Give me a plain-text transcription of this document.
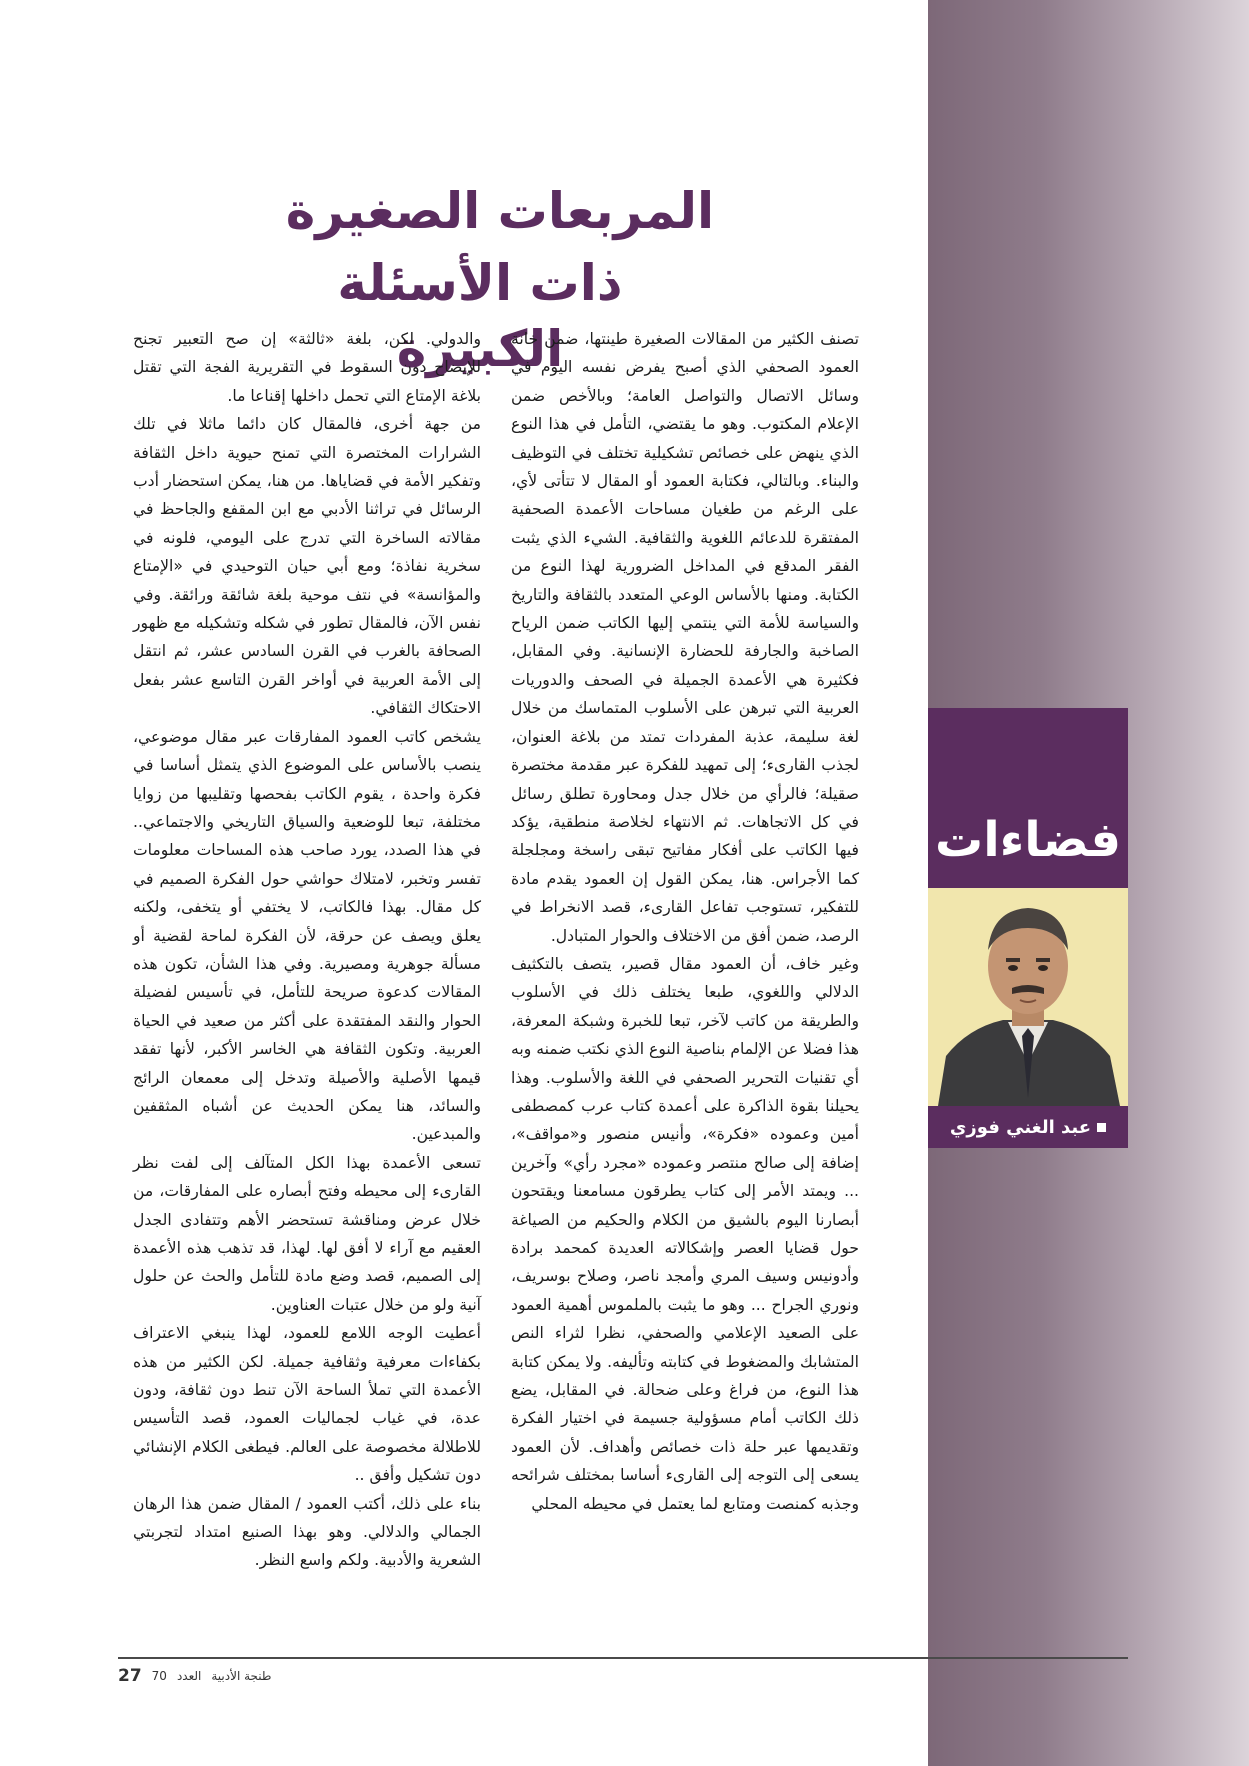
فضاءات
عبد الغني فوزي
المربعات الصغيرة
ذات الأسئلة الكبيرة

تصنف الكثير من المقالات الصغيرة طينتها، ضمن خانة العمود الصحفي الذي أصبح يفرض نفسه اليوم في وسائل الاتصال والتواصل العامة؛ وبالأخص ضمن الإعلام المكتوب. وهو ما يقتضي، التأمل في هذا النوع الذي ينهض على خصائص تشكيلية تختلف في التوظيف والبناء. وبالتالي، فكتابة العمود أو المقال لا تتأتى لأي، على الرغم من طغيان مساحات الأعمدة الصحفية المفتقرة للدعائم اللغوية والثقافية. الشيء الذي يثبت الفقر المدقع في المداخل الضرورية لهذا النوع من الكتابة. ومنها بالأساس الوعي المتعدد بالثقافة والتاريخ والسياسة للأمة التي ينتمي إليها الكاتب ضمن الرياح الصاخبة والجارفة للحضارة الإنسانية. وفي المقابل، فكثيرة هي الأعمدة الجميلة في الصحف والدوريات العربية التي تبرهن على الأسلوب المتماسك من خلال لغة سليمة، عذبة المفردات تمتد من بلاغة العنوان، لجذب القارىء؛ إلى تمهيد للفكرة عبر مقدمة مختصرة صقيلة؛ فالرأي من خلال جدل ومحاورة تطلق رسائل في كل الاتجاهات. ثم الانتهاء لخلاصة منطقية، يؤكد فيها الكاتب على أفكار مفاتيح تبقى راسخة ومجلجلة كما الأجراس. هنا، يمكن القول إن العمود يقدم مادة للتفكير، تستوجب تفاعل القارىء، قصد الانخراط في الرصد، ضمن أفق من الاختلاف والحوار المتبادل.

وغير خاف، أن العمود مقال قصير، يتصف بالتكثيف الدلالي واللغوي، طبعا يختلف ذلك في الأسلوب والطريقة من كاتب لآخر، تبعا للخبرة وشبكة المعرفة، هذا فضلا عن الإلمام بناصية النوع الذي نكتب ضمنه وبه أي تقنيات التحرير الصحفي في اللغة والأسلوب. وهذا يحيلنا بقوة الذاكرة على أعمدة كتاب عرب كمصطفى أمين وعموده «فكرة»، وأنيس منصور و«مواقف»، إضافة إلى صالح منتصر وعموده «مجرد رأي» وآخرين ... ويمتد الأمر إلى كتاب يطرقون مسامعنا ويقتحون أبصارنا اليوم بالشيق من الكلام والحكيم من الصياغة حول قضايا العصر وإشكالاته العديدة كمحمد برادة وأدونيس وسيف المري وأمجد ناصر، وصلاح بوسريف، ونوري الجراح ... وهو ما يثبت بالملموس أهمية العمود على الصعيد الإعلامي والصحفي، نظرا لثراء النص المتشابك والمضغوط في كتابته وتأليفه. ولا يمكن كتابة هذا النوع، من فراغ وعلى ضحالة. في المقابل، يضع ذلك الكاتب أمام مسؤولية جسيمة في اختيار الفكرة وتقديمها عبر حلة ذات خصائص وأهداف. لأن العمود يسعى إلى التوجه إلى القارىء أساسا بمختلف شرائحه وجذبه كمنصت ومتابع لما يعتمل في محيطه المحلي

والدولي. لكن، بلغة «ثالثة» إن صح التعبير تجنح للإيضاح دون السقوط في التقريرية الفجة التي تقتل بلاغة الإمتاع التي تحمل داخلها إقناعا ما.

من جهة أخرى، فالمقال كان دائما ماثلا في تلك الشرارات المختصرة التي تمنح حيوية داخل الثقافة وتفكير الأمة في قضاياها. من هنا، يمكن استحضار أدب الرسائل في تراثنا الأدبي مع ابن المقفع والجاحظ في مقالاته الساخرة التي تدرج على اليومي، فلونه في سخرية نفاذة؛ ومع أبي حيان التوحيدي في «الإمتاع والمؤانسة» في نتف موحية بلغة شائقة ورائقة. وفي نفس الآن، فالمقال تطور في شكله وتشكيله مع ظهور الصحافة بالغرب في القرن السادس عشر، ثم انتقل إلى الأمة العربية في أواخر القرن التاسع عشر بفعل الاحتكاك الثقافي.

يشخص كاتب العمود المفارقات عبر مقال موضوعي، ينصب بالأساس على الموضوع الذي يتمثل أساسا في فكرة واحدة ، يقوم الكاتب بفحصها وتقليبها من زوايا مختلفة، تبعا للوضعية والسياق التاريخي والاجتماعي.. في هذا الصدد، يورد صاحب هذه المساحات معلومات تفسر وتخبر، لامتلاك حواشي حول الفكرة الصميم في كل مقال. بهذا فالكاتب، لا يختفي أو يتخفى، ولكنه يعلق ويصف عن حرقة، لأن الفكرة لماحة لقضية أو مسألة جوهرية ومصيرية. وفي هذا الشأن، تكون هذه المقالات كدعوة صريحة للتأمل، في تأسيس لفضيلة الحوار والنقد المفتقدة على أكثر من صعيد في الحياة العربية. وتكون الثقافة هي الخاسر الأكبر، لأنها تفقد قيمها الأصلية والأصيلة وتدخل إلى معمعان الرائج والسائد، هنا يمكن الحديث عن أشباه المثقفين والمبدعين.

تسعى الأعمدة بهذا الكل المتآلف إلى لفت نظر القارىء إلى محيطه وفتح أبصاره على المفارقات، من خلال عرض ومناقشة تستحضر الأهم وتتفادى الجدل العقيم مع آراء لا أفق لها. لهذا، قد تذهب هذه الأعمدة إلى الصميم، قصد وضع مادة للتأمل والحث عن حلول آنية ولو من خلال عتبات العناوين.

أعطيت الوجه اللامع للعمود، لهذا ينبغي الاعتراف بكفاءات معرفية وثقافية جميلة. لكن الكثير من هذه الأعمدة التي تملأ الساحة الآن تنط دون ثقافة، ودون عدة، في غياب لجماليات العمود، قصد التأسيس للاطلالة مخصوصة على العالم. فيطغى الكلام الإنشائي دون تشكيل وأفق ..

بناء على ذلك، أكتب العمود / المقال ضمن هذا الرهان الجمالي والدلالي. وهو بهذا الصنيع امتداد لتجربتي الشعرية والأدبية. ولكم واسع النظر.

27 70 العدد طنجة الأدبية
